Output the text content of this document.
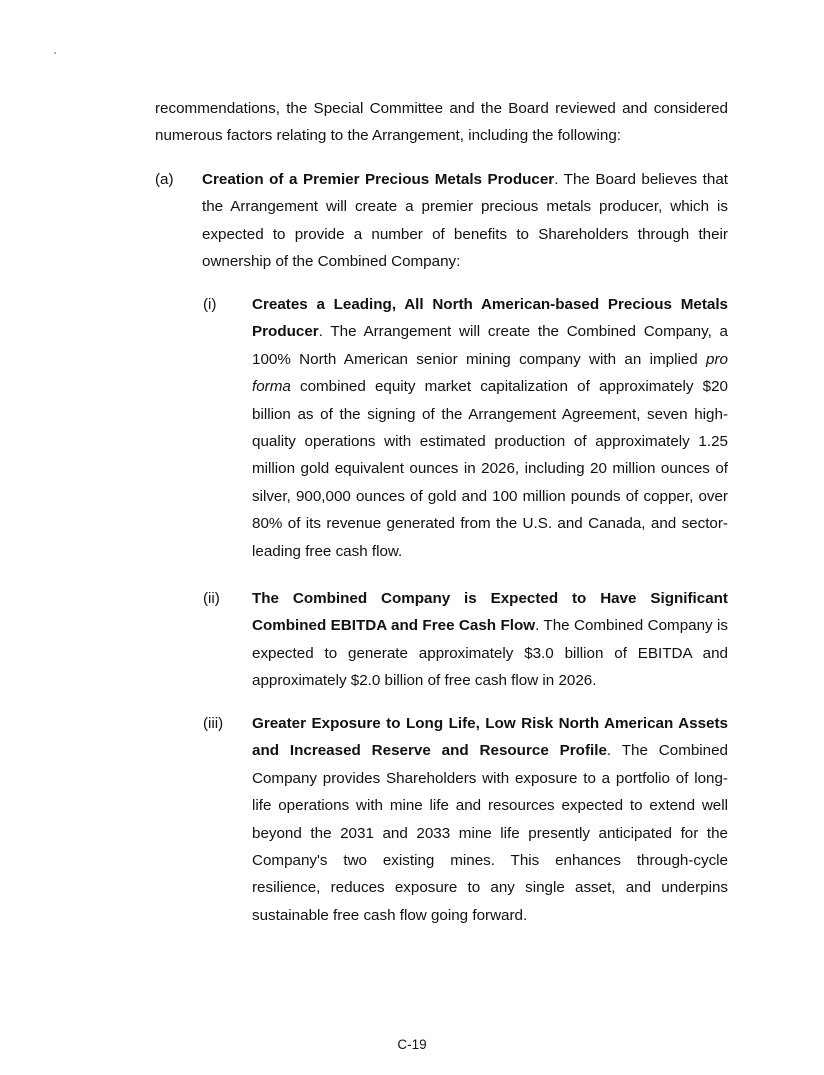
recommendations, the Special Committee and the Board reviewed and considered numerous factors relating to the Arrangement, including the following:

(a) Creation of a Premier Precious Metals Producer. The Board believes that the Arrangement will create a premier precious metals producer, which is expected to provide a number of benefits to Shareholders through their ownership of the Combined Company:

(i) Creates a Leading, All North American-based Precious Metals Producer. The Arrangement will create the Combined Company, a 100% North American senior mining company with an implied pro forma combined equity market capitalization of approximately $20 billion as of the signing of the Arrangement Agreement, seven high-quality operations with estimated production of approximately 1.25 million gold equivalent ounces in 2026, including 20 million ounces of silver, 900,000 ounces of gold and 100 million pounds of copper, over 80% of its revenue generated from the U.S. and Canada, and sector-leading free cash flow.

(ii) The Combined Company is Expected to Have Significant Combined EBITDA and Free Cash Flow. The Combined Company is expected to generate approximately $3.0 billion of EBITDA and approximately $2.0 billion of free cash flow in 2026.

(iii) Greater Exposure to Long Life, Low Risk North American Assets and Increased Reserve and Resource Profile. The Combined Company provides Shareholders with exposure to a portfolio of long-life operations with mine life and resources expected to extend well beyond the 2031 and 2033 mine life presently anticipated for the Company's two existing mines. This enhances through-cycle resilience, reduces exposure to any single asset, and underpins sustainable free cash flow going forward.

C-19
